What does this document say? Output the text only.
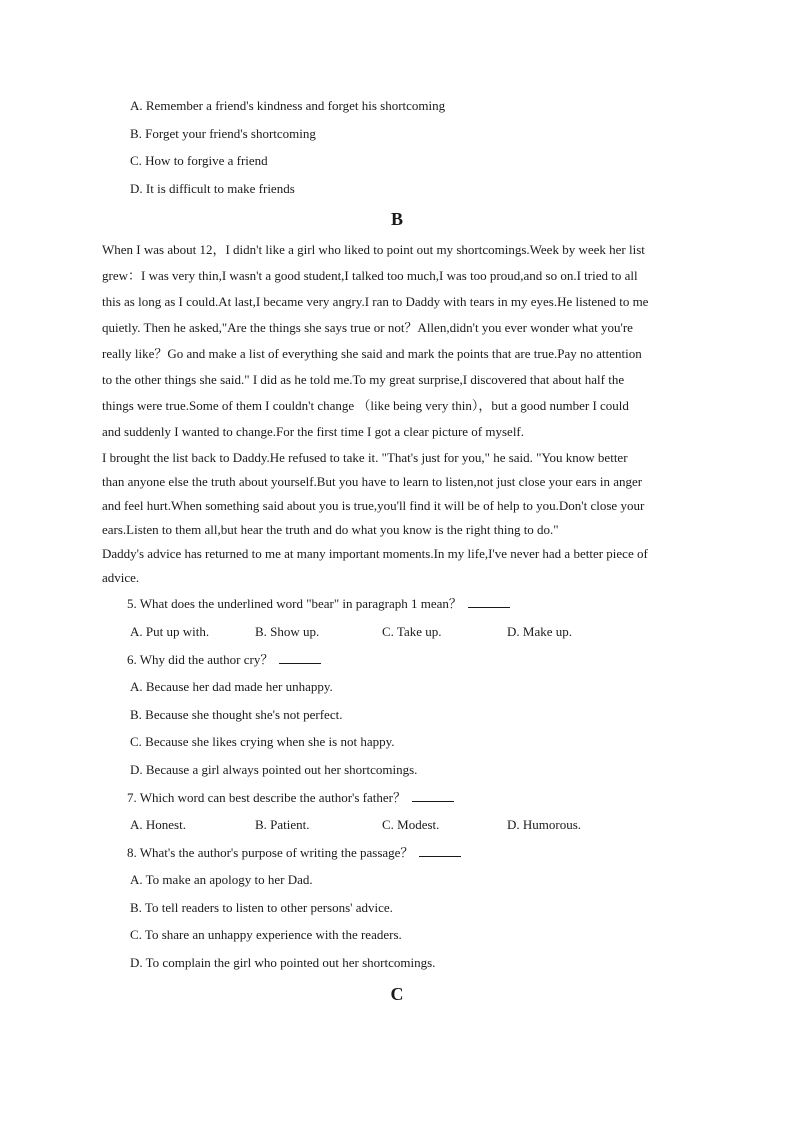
A. Remember a friend's kindness and forget his shortcoming
B. Forget your friend's shortcoming
C. How to forgive a friend
D. It is difficult to make friends
B
When I was about 12，I didn't like a girl who liked to point out my shortcomings.Week by week her list
grew：I was very thin,I wasn't a good student,I talked too much,I was too proud,and so on.I tried to all
this as long as I could.At last,I became very angry.I ran to Daddy with tears in my eyes.He listened to me
quietly. Then he asked,"Are the things she says true or not？Allen,didn't you ever wonder what you're
really like？Go and make a list of everything she said and mark the points that are true.Pay no attention
to the other things she said." I did as he told me.To my great surprise,I discovered that about half the
things were true.Some of them I couldn't change （like being very thin），but a good number I could
and suddenly I wanted to change.For the first time I got a clear picture of myself.
I brought the list back to Daddy.He refused to take it. "That's just for you," he said. "You know better
than anyone else the truth about yourself.But you have to learn to listen,not just close your ears in anger
and feel hurt.When something said about you is true,you'll find it will be of help to you.Don't close your
ears.Listen to them all,but hear the truth and do what you know is the right thing to do."
Daddy's advice has returned to me at many important moments.In my life,I've never had a better piece of
advice.
5. What does the underlined word "bear" in paragraph 1 mean？
A. Put up with.	B. Show up.	C. Take up.	D. Make up.
6. Why did the author cry？
A. Because her dad made her unhappy.
B. Because she thought she's not perfect.
C. Because she likes crying when she is not happy.
D. Because a girl always pointed out her shortcomings.
7. Which word can best describe the author's father？
A. Honest.	B. Patient.	C. Modest.	D. Humorous.
8. What's the author's purpose of writing the passage？
A. To make an apology to her Dad.
B. To tell readers to listen to other persons' advice.
C. To share an unhappy experience with the readers.
D. To complain the girl who pointed out her shortcomings.
C
